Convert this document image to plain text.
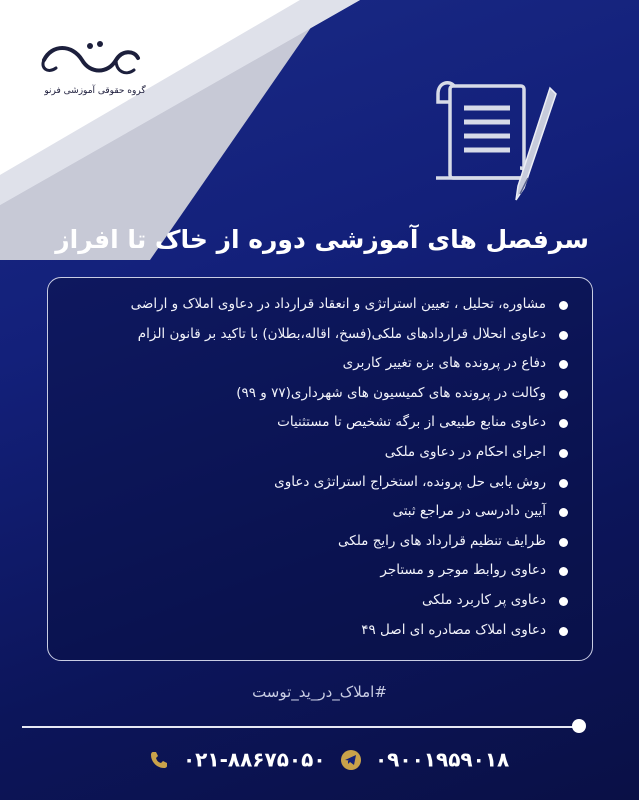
گروه حقوقی آموزشی فرنو
سرفصل های آموزشی دوره از خاک تا افراز
مشاوره، تحلیل ، تعیین استراتژی و انعقاد قرارداد در دعاوی املاک و اراضی
دعاوی انحلال قراردادهای ملکی(فسخ، اقاله،بطلان) با تاکید بر قانون الزام
دفاع در پرونده های بزه تغییر کاربری
وکالت در پرونده های کمیسیون های شهرداری(۷۷ و ۹۹)
دعاوی منابع طبیعی از برگه تشخیص تا مستثنیات
اجرای احکام در دعاوی ملکی
روش یابی حل پرونده، استخراج استراتژی دعاوی
آیین دادرسی در مراجع ثبتی
ظرایف تنظیم قرارداد های رایج ملکی
دعاوی روابط موجر و مستاجر
دعاوی پر کاربرد ملکی
دعاوی املاک مصادره ای اصل ۴۹
#املاک_در_ید_توست
۰۲۱-۸۸۶۷۵۰۵۰	۰۹۰۰۱۹۵۹۰۱۸
